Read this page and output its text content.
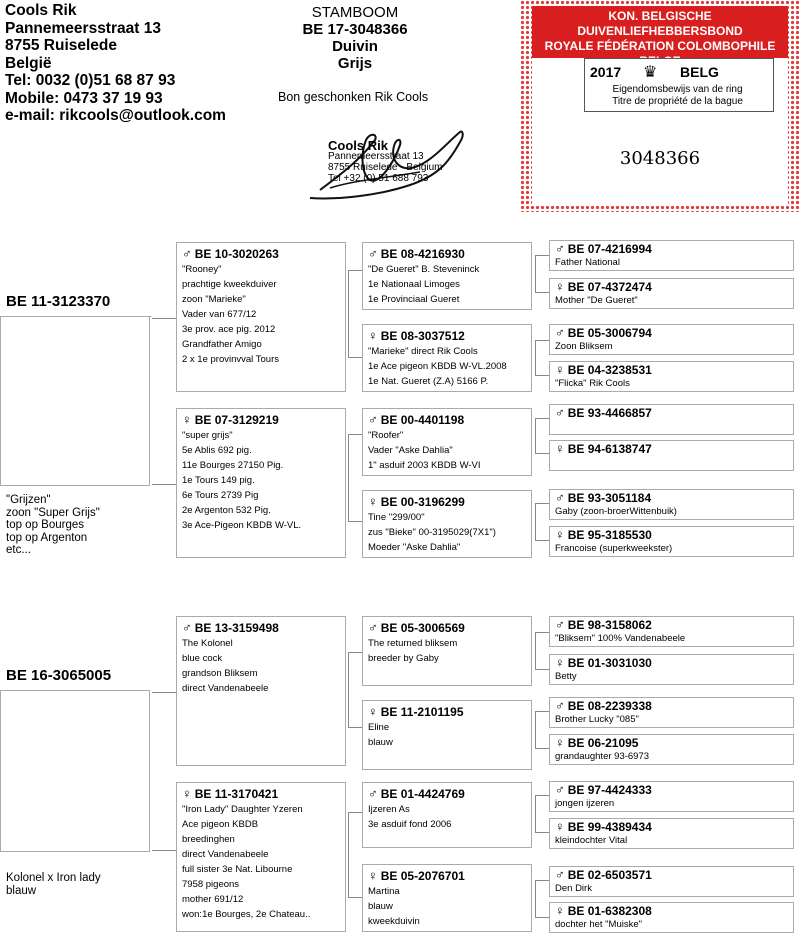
Cools Rik
Pannemeersstraat 13
8755 Ruiselede
België
Tel: 0032 (0)51 68 87 93
Mobile: 0473 37 19 93
e-mail: rikcools@outlook.com
STAMBOOM
BE 17-3048366
Duivin
Grijs
Bon geschonken Rik Cools
Cools Rik
Pannemeersstraat 13
8755 Ruiselede - Belgium
Tel +32 (0) 51 688 793
KON. BELGISCHE DUIVENLIEFHEBBERSBOND
ROYALE FÉDÉRATION COLOMBOPHILE
2017 ♛ BELG
Eigendomsbewijs van de ring
Titre de propriété de la bague
3048366
BE 11-3123370
"Grijzen"
zoon "Super Grijs"
top op Bourges
top op Argenton
etc...
BE 16-3065005
Kolonel x Iron lady
blauw
♂ BE 10-3020263
"Rooney"
prachtige kweekduiver
zoon "Marieke"
Vader van 677/12
3e prov. ace pig. 2012
Grandfather Amigo
2 x 1e provinvval Tours
♀ BE 07-3129219
"super grijs"
5e Ablis 692 pig.
11e Bourges 27150 Pig.
1e Tours 149 pig.
6e Tours 2739 Pig
2e Argenton 532 Pig.
3e Ace-Pigeon KBDB W-VL.
♂ BE 13-3159498
The Kolonel
blue cock
grandson Bliksem
direct Vandenabeele
♀ BE 11-3170421
"Iron Lady" Daughter Yzeren
Ace pigeon KBDB
breedinghen
direct Vandenabeele
full sister 3e Nat. Libourne
7958 pigeons
mother 691/12
won:1e Bourges, 2e Chateau..
♂ BE 08-4216930
"De Gueret" B. Steveninck
1e Nationaal Limoges
1e Provinciaal Gueret
♀ BE 08-3037512
"Marieke" direct Rik Cools
1e Ace pigeon KBDB W-VL.2008
1e Nat. Gueret (Z.A) 5166 P.
♂ BE 00-4401198
"Roofer"
Vader "Aske Dahlia"
1" asduif 2003 KBDB W-VI
♀ BE 00-3196299
Tine "299/00"
zus "Bieke" 00-3195029(7X1")
Moeder "Aske Dahlia"
♂ BE 05-3006569
The returned bliksem
breeder by Gaby
♀ BE 11-2101195
Eline
blauw
♂ BE 01-4424769
Ijzeren As
3e asduif fond 2006
♀ BE 05-2076701
Martina
blauw
kweekduivin
♂ BE 07-4216994
Father National
♀ BE 07-4372474
Mother "De Gueret"
♂ BE 05-3006794
Zoon Bliksem
♀ BE 04-3238531
"Flicka" Rik Cools
♂ BE 93-4466857
♀ BE 94-6138747
♂ BE 93-3051184
Gaby (zoon-broerWittenbuik)
♀ BE 95-3185530
Francoise (superkweekster)
♂ BE 98-3158062
"Bliksem" 100% Vandenabeele
♀ BE 01-3031030
Betty
♂ BE 08-2239338
Brother Lucky "085"
♀ BE 06-21095
grandaughter 93-6973
♂ BE 97-4424333
jongen ijzeren
♀ BE 99-4389434
kleindochter Vital
♂ BE 02-6503571
Den Dirk
♀ BE 01-6382308
dochter het "Muiske"
